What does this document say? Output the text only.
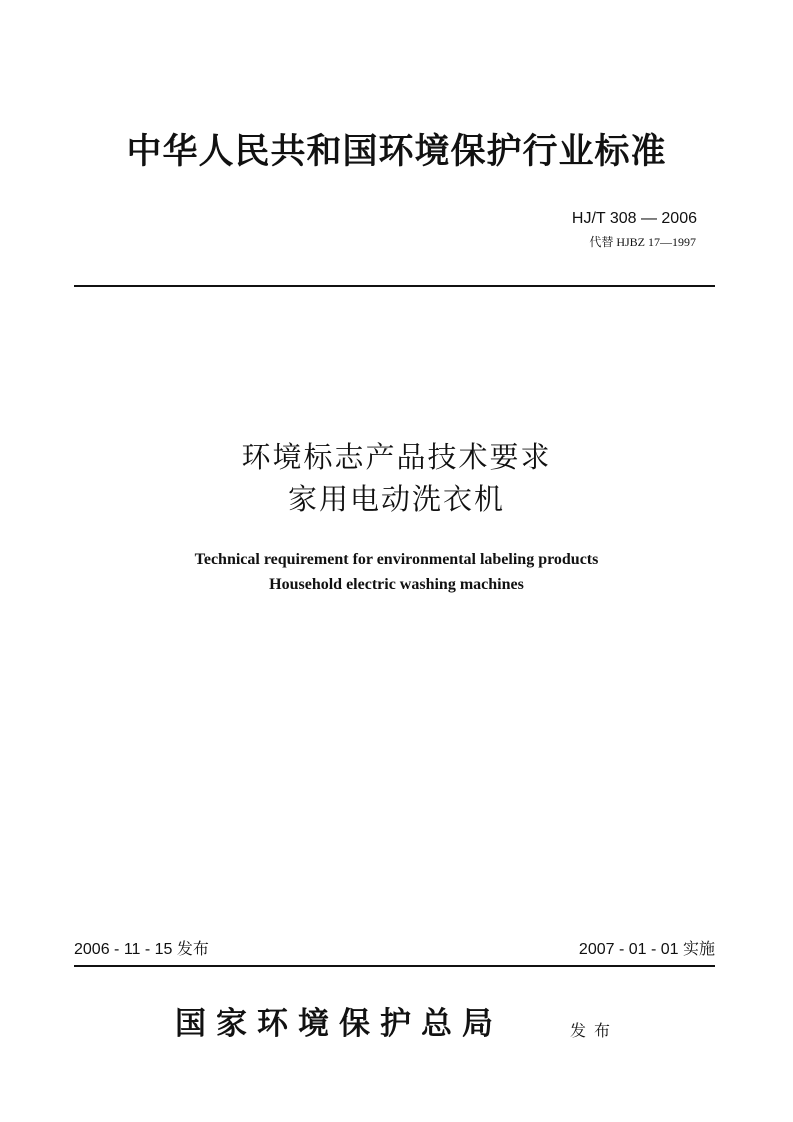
中华人民共和国环境保护行业标准
HJ/T 308 — 2006
代替 HJBZ 17—1997
环境标志产品技术要求
家用电动洗衣机
Technical requirement for environmental labeling products
Household electric washing machines
2006 - 11 - 15 发布	2007 - 01 - 01 实施
国家环境保护总局	发布
